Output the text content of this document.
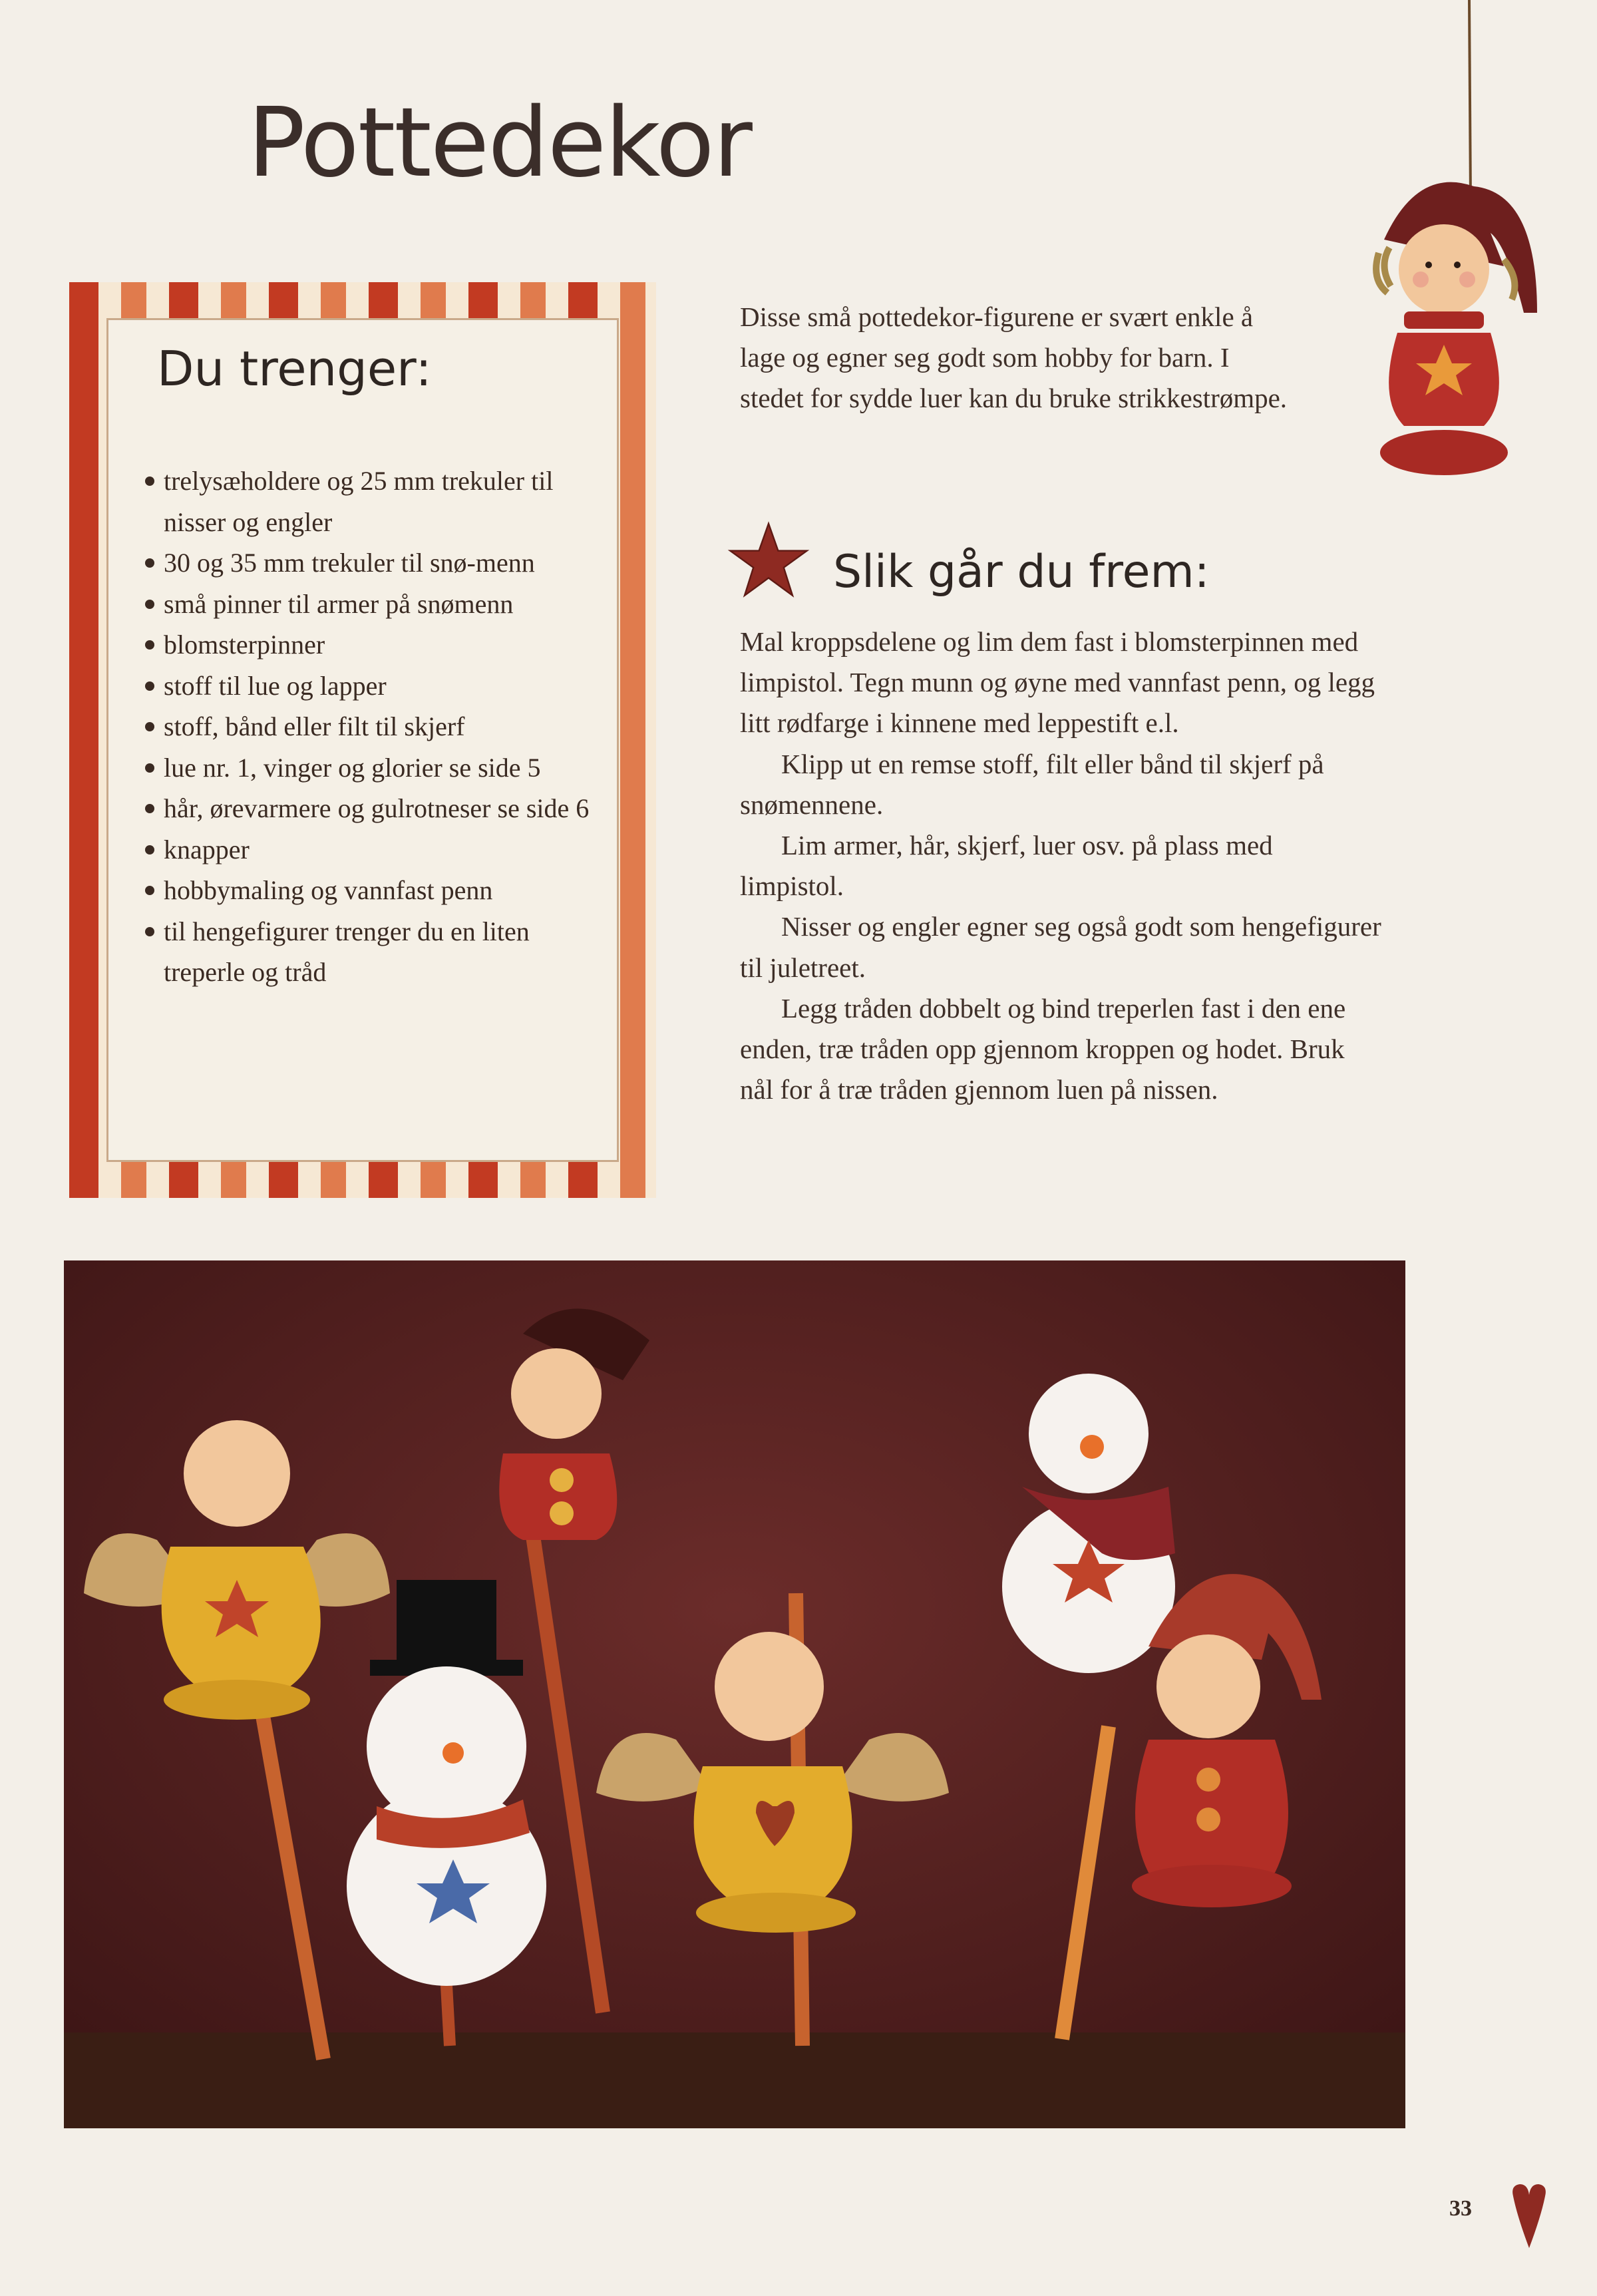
Pottedekor
Du trenger:
trelysæholdere og 25 mm trekuler til nisser og engler
30 og 35 mm trekuler til snø-menn
små pinner til armer på snømenn
blomsterpinner
stoff til lue og lapper
stoff, bånd eller filt til skjerf
lue nr. 1, vinger og glorier se side 5
hår, ørevarmere og gulrotneser se side 6
knapper
hobbymaling og vannfast penn
til hengefigurer trenger du en liten treperle og tråd

Disse små pottedekor-figurene er svært enkle å lage og egner seg godt som hobby for barn. I stedet for sydde luer kan du bruke strikkestrømpe.

Slik går du frem:

Mal kroppsdelene og lim dem fast i blomsterpinnen med limpistol. Tegn munn og øyne med vannfast penn, og legg litt rødfarge i kinnene med leppestift e.l.

Klipp ut en remse stoff, filt eller bånd til skjerf på snømennene.

Lim armer, hår, skjerf, luer osv. på plass med limpistol.

Nisser og engler egner seg også godt som hengefigurer til juletreet.

Legg tråden dobbelt og bind treperlen fast i den ene enden, træ tråden opp gjennom kroppen og hodet. Bruk nål for å træ tråden gjennom luen på nissen.

33
